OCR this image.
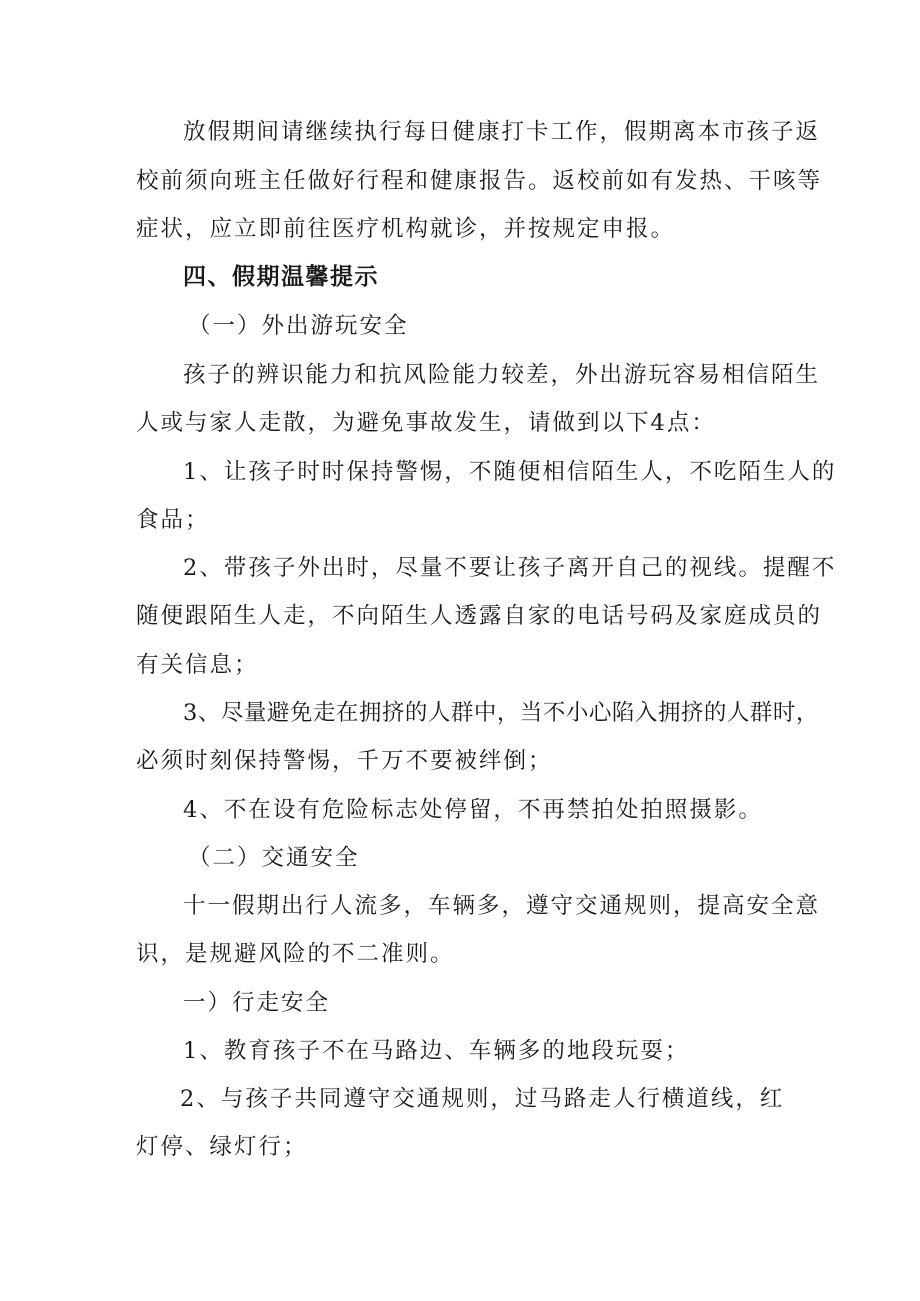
放假期间请继续执行每日健康打卡工作，假期离本市孩子返
校前须向班主任做好行程和健康报告。返校前如有发热、干咳等
症状，应立即前往医疗机构就诊，并按规定申报。
四、假期温馨提示
（一）外出游玩安全
孩子的辨识能力和抗风险能力较差，外出游玩容易相信陌生
人或与家人走散，为避免事故发生，请做到以下4点：
1、让孩子时时保持警惕，不随便相信陌生人，不吃陌生人的
食品；
2、带孩子外出时，尽量不要让孩子离开自己的视线。提醒不
随便跟陌生人走，不向陌生人透露自家的电话号码及家庭成员的
有关信息；
3、尽量避免走在拥挤的人群中，当不小心陷入拥挤的人群时，
必须时刻保持警惕，千万不要被绊倒；
4、不在设有危险标志处停留，不再禁拍处拍照摄影。
（二）交通安全
十一假期出行人流多，车辆多，遵守交通规则，提高安全意
识，是规避风险的不二准则。
一）行走安全
1、教育孩子不在马路边、车辆多的地段玩耍；
2、与孩子共同遵守交通规则，过马路走人行横道线，红
灯停、绿灯行；
